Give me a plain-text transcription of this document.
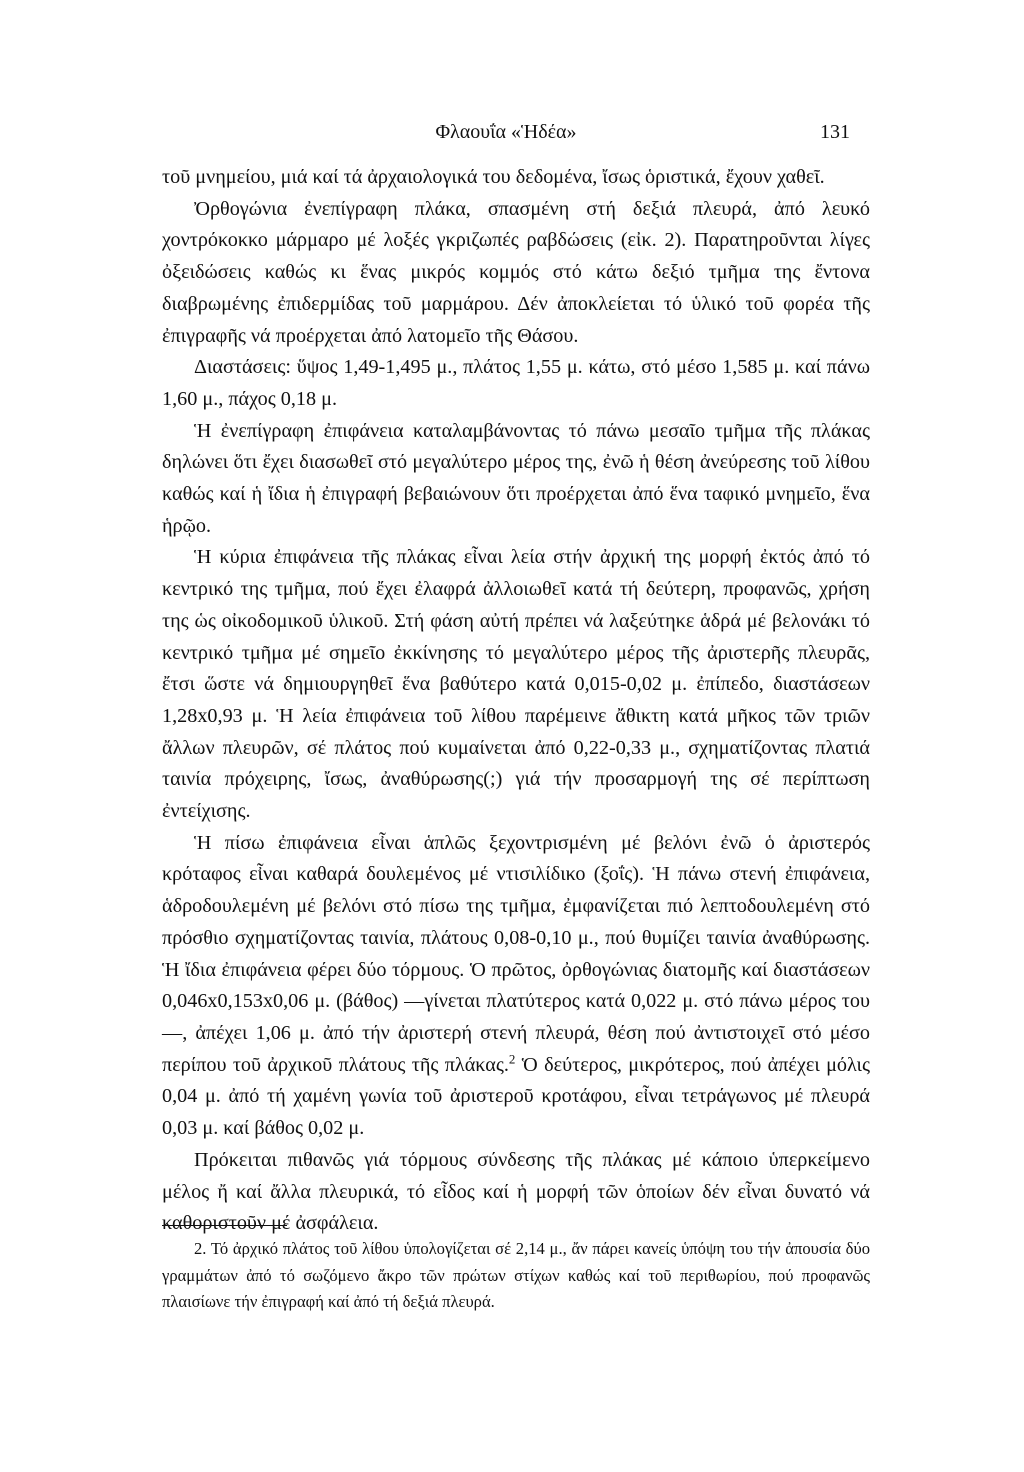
Φλαουΐα «Ἡδέα»	131

τοῦ μνημείου, μιά καί τά ἀρχαιολογικά του δεδομένα, ἴσως ὁριστικά, ἔχουν χαθεῖ.

Ὀρθογώνια ἐνεπίγραφη πλάκα, σπασμένη στή δεξιά πλευρά, ἀπό λευκό χοντρόκοκκο μάρμαρο μέ λοξές γκριζωπές ραβδώσεις (εἰκ. 2). Παρατηροῦνται λίγες ὀξειδώσεις καθώς κι ἕνας μικρός κομμός στό κάτω δεξιό τμῆμα της ἔντονα διαβρωμένης ἐπιδερμίδας τοῦ μαρμάρου. Δέν ἀποκλείεται τό ὑλικό τοῦ φορέα τῆς ἐπιγραφῆς νά προέρχεται ἀπό λατομεῖο τῆς Θάσου.

Διαστάσεις: ὕψος 1,49-1,495 μ., πλάτος 1,55 μ. κάτω, στό μέσο 1,585 μ. καί πάνω 1,60 μ., πάχος 0,18 μ.

Ἡ ἐνεπίγραφη ἐπιφάνεια καταλαμβάνοντας τό πάνω μεσαῖο τμῆμα τῆς πλάκας δηλώνει ὅτι ἔχει διασωθεῖ στό μεγαλύτερο μέρος της, ἐνῶ ἡ θέση ἀνεύρεσης τοῦ λίθου καθώς καί ἡ ἴδια ἡ ἐπιγραφή βεβαιώνουν ὅτι προέρχεται ἀπό ἕνα ταφικό μνημεῖο, ἕνα ἡρῷο.

Ἡ κύρια ἐπιφάνεια τῆς πλάκας εἶναι λεία στήν ἀρχική της μορφή ἐκτός ἀπό τό κεντρικό της τμῆμα, πού ἔχει ἐλαφρά ἀλλοιωθεῖ κατά τή δεύτερη, προφανῶς, χρήση της ὡς οἰκοδομικοῦ ὑλικοῦ. Στή φάση αὐτή πρέπει νά λαξεύτηκε ἁδρά μέ βελονάκι τό κεντρικό τμῆμα μέ σημεῖο ἐκκίνησης τό μεγαλύτερο μέρος τῆς ἀριστερῆς πλευρᾶς, ἔτσι ὥστε νά δημιουργηθεῖ ἕνα βαθύτερο κατά 0,015-0,02 μ. ἐπίπεδο, διαστάσεων 1,28x0,93 μ. Ἡ λεία ἐπιφάνεια τοῦ λίθου παρέμεινε ἄθικτη κατά μῆκος τῶν τριῶν ἄλλων πλευρῶν, σέ πλάτος πού κυμαίνεται ἀπό 0,22-0,33 μ., σχηματίζοντας πλατιά ταινία πρόχειρης, ἴσως, ἀναθύρωσης(;) γιά τήν προσαρμογή της σέ περίπτωση ἐντείχισης.

Ἡ πίσω ἐπιφάνεια εἶναι ἁπλῶς ξεχοντρισμένη μέ βελόνι ἐνῶ ὁ ἀριστερός κρόταφος εἶναι καθαρά δουλεμένος μέ ντισιλίδικο (ξοΐς). Ἡ πάνω στενή ἐπιφάνεια, ἁδροδουλεμένη μέ βελόνι στό πίσω της τμῆμα, ἐμφανίζεται πιό λεπτοδουλεμένη στό πρόσθιο σχηματίζοντας ταινία, πλάτους 0,08-0,10 μ., πού θυμίζει ταινία ἀναθύρωσης. Ἡ ἴδια ἐπιφάνεια φέρει δύο τόρμους. Ὁ πρῶτος, ὀρθογώνιας διατομῆς καί διαστάσεων 0,046x0,153x0,06 μ. (βάθος) —γίνεται πλατύτερος κατά 0,022 μ. στό πάνω μέρος του—, ἀπέχει 1,06 μ. ἀπό τήν ἀριστερή στενή πλευρά, θέση πού ἀντιστοιχεῖ στό μέσο περίπου τοῦ ἀρχικοῦ πλάτους τῆς πλάκας.$^2$ Ὁ δεύτερος, μικρότερος, πού ἀπέχει μόλις 0,04 μ. ἀπό τή χαμένη γωνία τοῦ ἀριστεροῦ κροτάφου, εἶναι τετράγωνος μέ πλευρά 0,03 μ. καί βάθος 0,02 μ.

Πρόκειται πιθανῶς γιά τόρμους σύνδεσης τῆς πλάκας μέ κάποιο ὑπερκείμενο μέλος ἤ καί ἄλλα πλευρικά, τό εἶδος καί ἡ μορφή τῶν ὁποίων δέν εἶναι δυνατό νά καθοριστοῦν μέ ἀσφάλεια.

2. Τό ἀρχικό πλάτος τοῦ λίθου ὑπολογίζεται σέ 2,14 μ., ἄν πάρει κανείς ὑπόψη του τήν ἀπουσία δύο γραμμάτων ἀπό τό σωζόμενο ἄκρο τῶν πρώτων στίχων καθώς καί τοῦ περιθωρίου, πού προφανῶς πλαισίωνε τήν ἐπιγραφή καί ἀπό τή δεξιά πλευρά.
